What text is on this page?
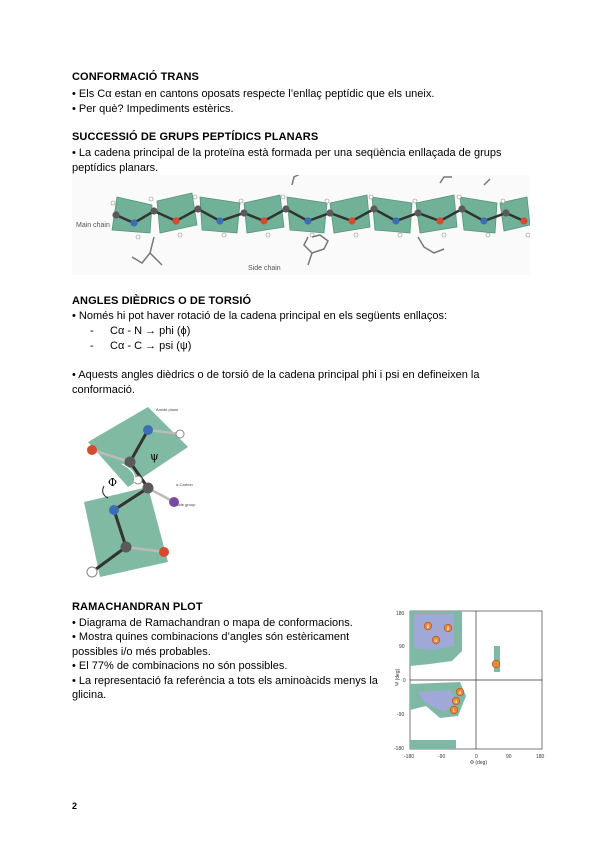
CONFORMACIÓ TRANS
• Els Cα estan en cantons oposats respecte l’enllaç peptídic que els uneix.
• Per què? Impediments estèrics.
SUCCESSIÓ DE GRUPS PEPTÍDICS PLANARS
• La cadena principal de la proteïna està formada per una seqüència enllaçada de grups
peptídics planars.
Main chain
Side chain
ANGLES DIÈDRICS O DE TORSIÓ
• Només hi pot haver rotació de la cadena principal en els següents enllaços:
- Cα - N → phi (ϕ)
- Cα - C → psi (ψ)
• Aquests angles dièdrics o de torsió de la cadena principal phi i psi en defineixen la
conformació.
ψ
Φ
Amide plane
Side group
α-Carbon
RAMACHANDRAN PLOT
• Diagrama de Ramachandran o mapa de conformacions.
• Mostra quines combinacions d’angles són estèricament
possibles i/o més probables.
• El 77% de combinacions no són possibles.
• La representació fa referència a tots els aminoàcids menys la
glicina.
β	β
α
α
α
L
-180	-90	0	90	180
180
90
0
-90
-180
Φ (deg)
Ψ (deg)
2
